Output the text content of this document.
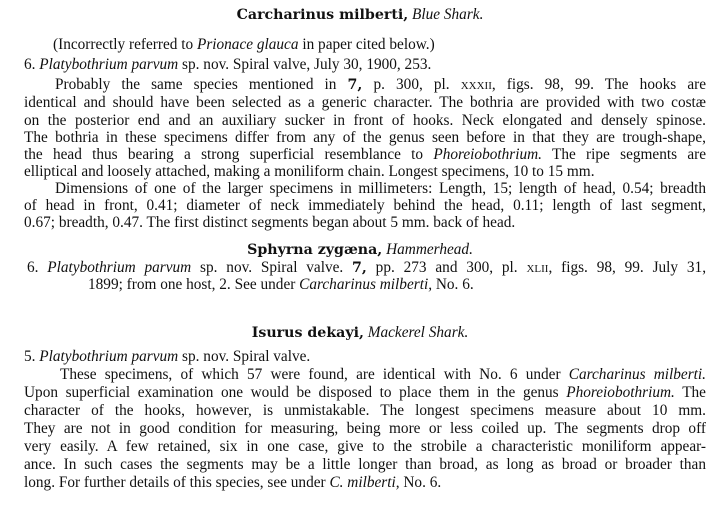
Carcharinus milberti, Blue Shark.
(Incorrectly referred to Prionace glauca in paper cited below.)
6. Platybothrium parvum sp. nov. Spiral valve, July 30, 1900, 253.
Probably the same species mentioned in 7, p. 300, pl. xxxii, figs. 98, 99. The hooks are
identical and should have been selected as a generic character. The bothria are provided with two costæ
on the posterior end and an auxiliary sucker in front of hooks. Neck elongated and densely spinose.
The bothria in these specimens differ from any of the genus seen before in that they are trough-shape,
the head thus bearing a strong superficial resemblance to Phoreiobothrium. The ripe segments are
elliptical and loosely attached, making a moniliform chain. Longest specimens, 10 to 15 mm.
Dimensions of one of the larger specimens in millimeters: Length, 15; length of head, 0.54; breadth
of head in front, 0.41; diameter of neck immediately behind the head, 0.11; length of last segment,
0.67; breadth, 0.47. The first distinct segments began about 5 mm. back of head.
Sphyrna zygæna, Hammerhead.
6. Platybothrium parvum sp. nov. Spiral valve. 7, pp. 273 and 300, pl. xlii, figs. 98, 99. July 31,
1899; from one host, 2. See under Carcharinus milberti, No. 6.
Isurus dekayi, Mackerel Shark.
5. Platybothrium parvum sp. nov. Spiral valve.
These specimens, of which 57 were found, are identical with No. 6 under Carcharinus milberti.
Upon superficial examination one would be disposed to place them in the genus Phoreiobothrium. The
character of the hooks, however, is unmistakable. The longest specimens measure about 10 mm.
They are not in good condition for measuring, being more or less coiled up. The segments drop off
very easily. A few retained, six in one case, give to the strobile a characteristic moniliform appear-
ance. In such cases the segments may be a little longer than broad, as long as broad or broader than
long. For further details of this species, see under C. milberti, No. 6.
